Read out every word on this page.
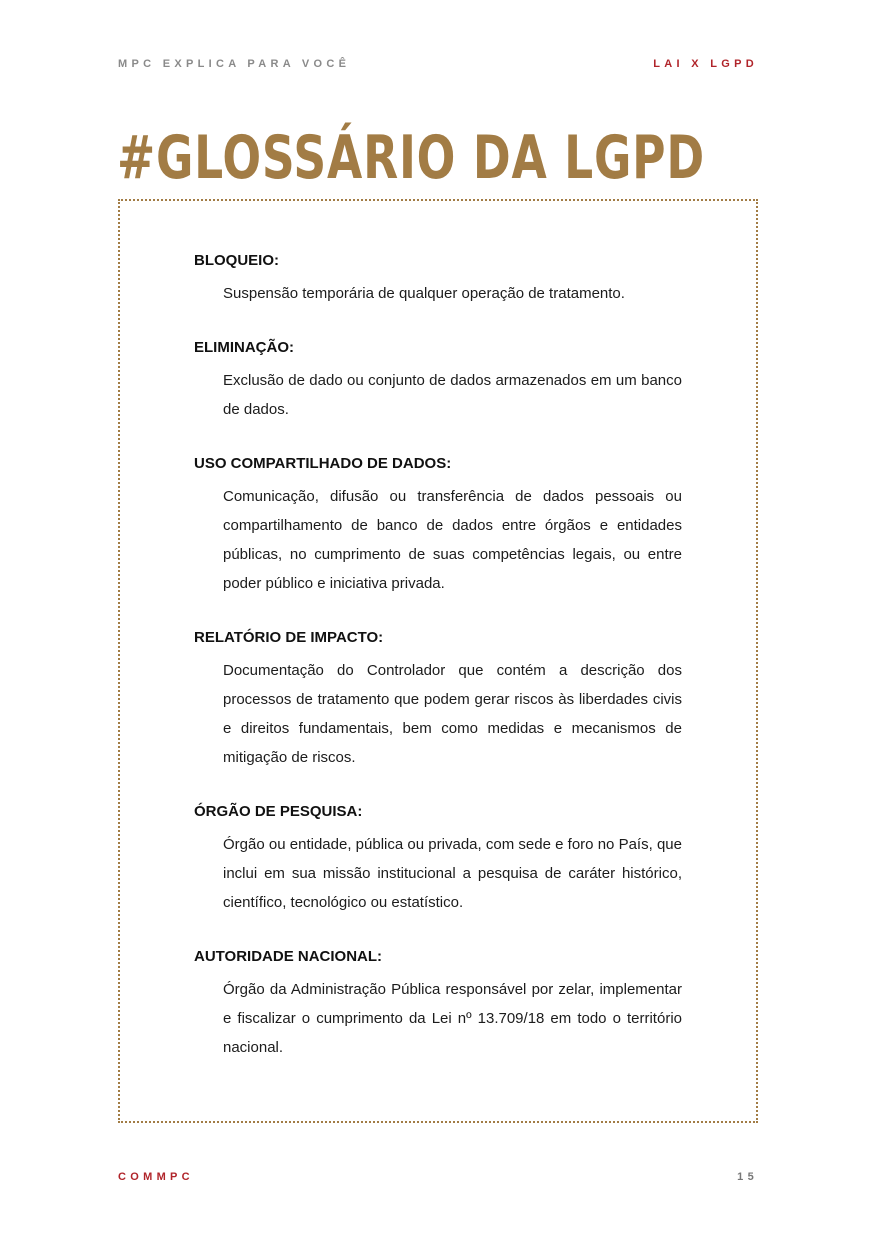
MPC EXPLICA PARA VOCÊ	LAI X LGPD
#GLOSSÁRIO DA LGPD

BLOQUEIO:

Suspensão temporária de qualquer operação de tratamento.

ELIMINAÇÃO:

Exclusão de dado ou conjunto de dados armazenados em um banco de dados.

USO COMPARTILHADO DE DADOS:

Comunicação, difusão ou transferência de dados pessoais ou compartilhamento de banco de dados entre órgãos e entidades públicas, no cumprimento de suas competências legais, ou entre poder público e iniciativa privada.

RELATÓRIO DE IMPACTO:

Documentação do Controlador que contém a descrição dos processos de tratamento que podem gerar riscos às liberdades civis e direitos fundamentais, bem como medidas e mecanismos de mitigação de riscos.

ÓRGÃO DE PESQUISA:

Órgão ou entidade, pública ou privada, com sede e foro no País, que inclui em sua missão institucional a pesquisa de caráter histórico, científico, tecnológico ou estatístico.

AUTORIDADE NACIONAL:

Órgão da Administração Pública responsável por zelar, implementar e fiscalizar o cumprimento da Lei nº 13.709/18 em todo o território nacional.

COMMPC	15
